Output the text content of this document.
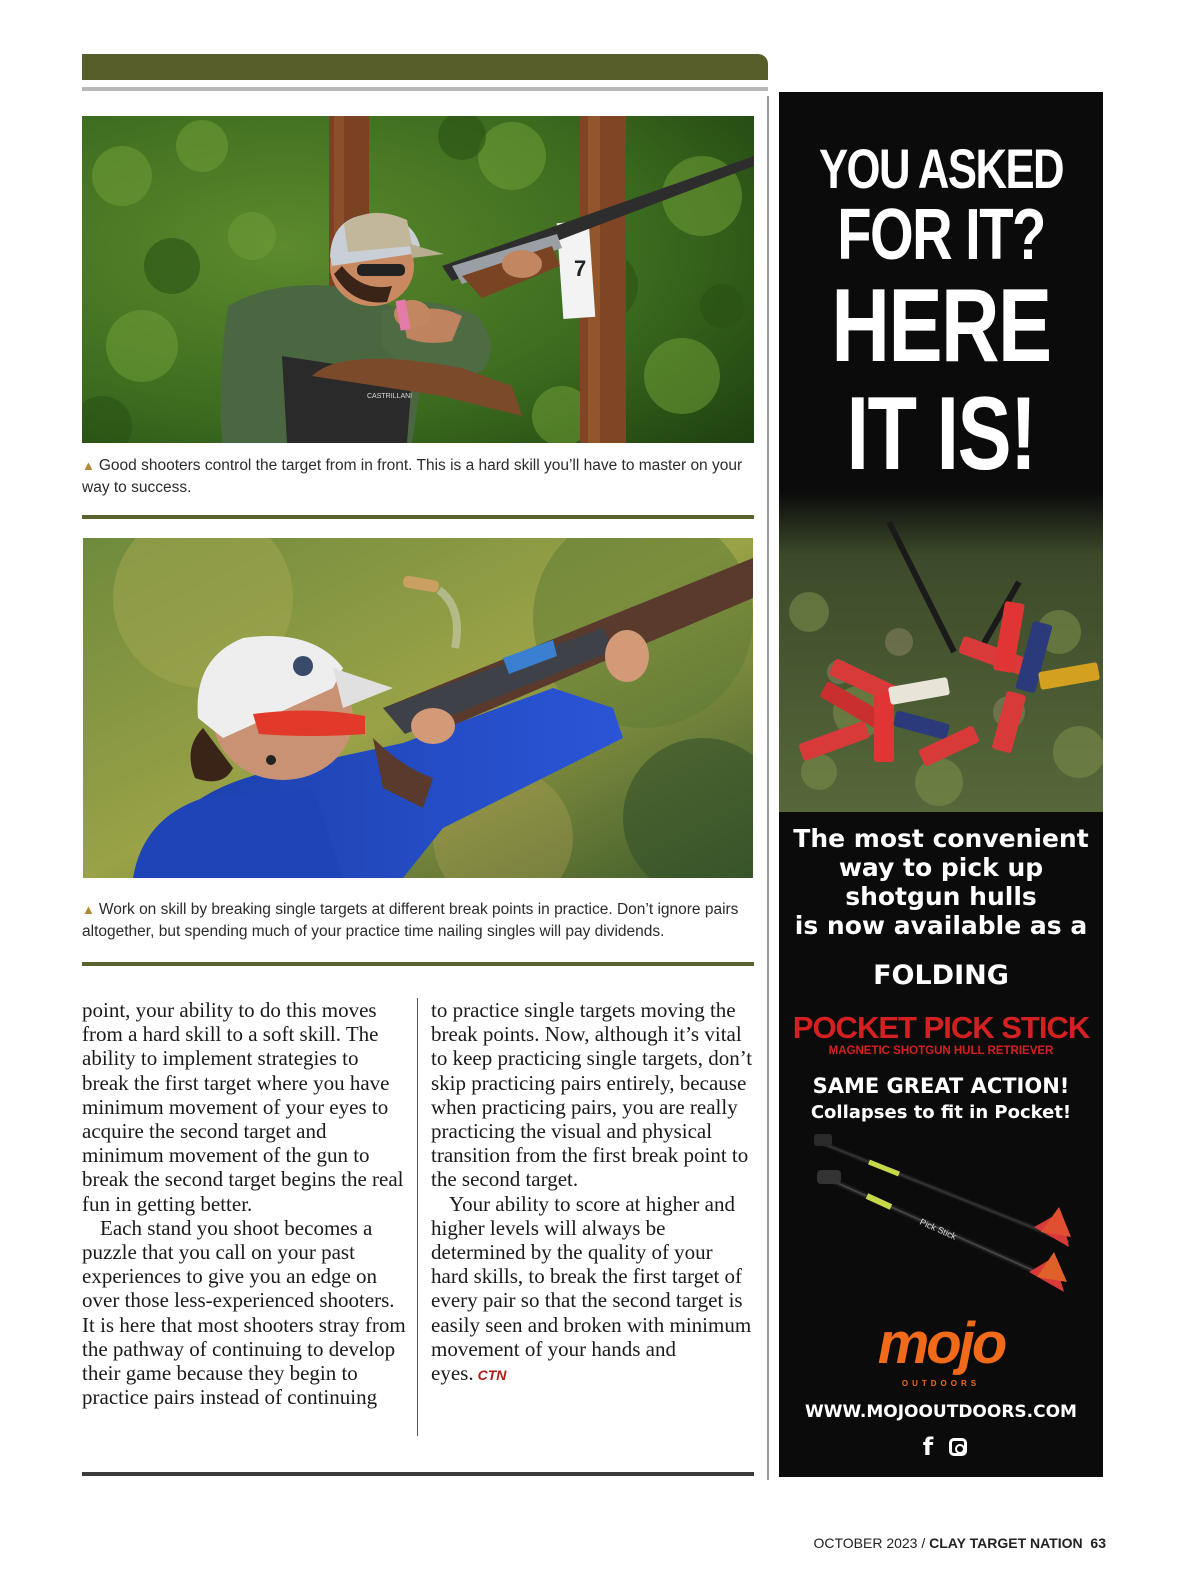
7
CASTRILLANI
▲ Good shooters control the target from in front. This is a hard skill you’ll have to master on your way to success.
▲ Work on skill by breaking single targets at different break points in practice. Don’t ignore pairs altogether, but spending much of your practice time nailing singles will pay dividends.

point, your ability to do this moves from a hard skill to a soft skill. The ability to implement strategies to break the first target where you have minimum movement of your eyes to acquire the second target and minimum movement of the gun to break the second target begins the real fun in getting better.

Each stand you shoot becomes a puzzle that you call on your past experiences to give you an edge on over those less-experienced shooters. It is here that most shooters stray from the pathway of continuing to develop their game because they begin to practice pairs instead of continuing

to practice single targets moving the break points. Now, although it’s vital to keep practicing single targets, don’t skip practicing pairs entirely, because when practicing pairs, you are really practicing the visual and physical transition from the first break point to the second target.

Your ability to score at higher and higher levels will always be determined by the quality of your hard skills, to break the first target of every pair so that the second target is easily seen and broken with minimum movement of your hands and eyes. CTN

YOU ASKED
FOR IT?
HERE
IT IS!
The most convenient
way to pick up
shotgun hulls
is now available as a
FOLDING
POCKET PICK STICK
MAGNETIC SHOTGUN HULL RETRIEVER
SAME GREAT ACTION!
Collapses to fit in Pocket!
Pick Stick
mojo
OUTDOORS
WWW.MOJOOUTDOORS.COM
f
OCTOBER 2023 / CLAY TARGET NATION 63
